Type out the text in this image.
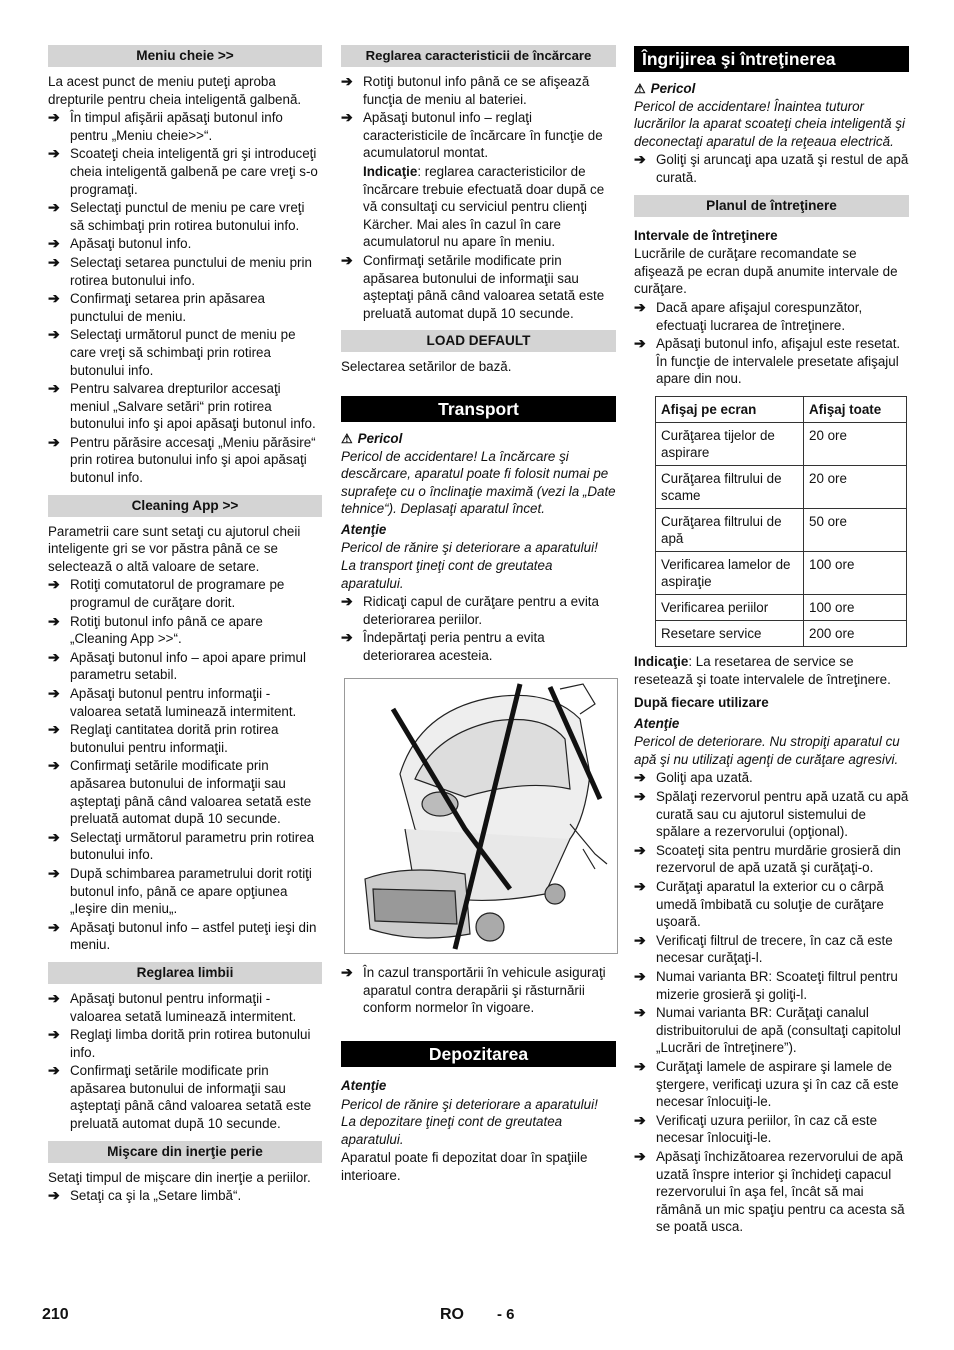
Meniu cheie >>

La acest punct de meniu puteţi aproba drepturile pentru cheia inteligentă galbenă.

➔ În timpul afişării apăsaţi butonul info pentru „Meniu cheie>>“.
➔ Scoateţi cheia inteligentă gri şi introduceţi cheia inteligentă galbenă pe care vreţi s-o programaţi.
➔ Selectaţi punctul de meniu pe care vreţi să schimbaţi prin rotirea butonului info.
➔ Apăsaţi butonul info.
➔ Selectaţi setarea punctului de meniu prin rotirea butonului info.
➔ Confirmaţi setarea prin apăsarea punctului de meniu.
➔ Selectaţi următorul punct de meniu pe care vreţi să schimbaţi prin rotirea butonului info.
➔ Pentru salvarea drepturilor accesaţi meniul „Salvare setări“ prin rotirea butonului info şi apoi apăsaţi butonul info.
➔ Pentru părăsire accesaţi „Meniu părăsire“ prin rotirea butonului info şi apoi apăsaţi butonul info.
Cleaning App >>

Parametrii care sunt setaţi cu ajutorul cheii inteligente gri se vor păstra până ce se selectează o altă valoare de setare.

➔ Rotiţi comutatorul de programare pe programul de curăţare dorit.
➔ Rotiţi butonul info până ce apare „Cleaning App >>“.
➔ Apăsaţi butonul info – apoi apare primul parametru setabil.
➔ Apăsaţi butonul pentru informaţii - valoarea setată luminează intermitent.
➔ Reglaţi cantitatea dorită prin rotirea butonului pentru informaţii.
➔ Confirmaţi setările modificate prin apăsarea butonului de informaţii sau aşteptaţi până când valoarea setată este preluată automat după 10 secunde.
➔ Selectaţi următorul parametru prin rotirea butonului info.
➔ După schimbarea parametrului dorit rotiţi butonul info, până ce apare opţiunea „Ieşire din meniu„.
➔ Apăsaţi butonul info – astfel puteţi ieşi din meniu.
Reglarea limbii
➔ Apăsaţi butonul pentru informaţii - valoarea setată luminează intermitent.
➔ Reglaţi limba dorită prin rotirea butonului info.
➔ Confirmaţi setările modificate prin apăsarea butonului de informaţii sau aşteptaţi până când valoarea setată este preluată automat după 10 secunde.
Mişcare din inerţie perie

Setaţi timpul de mişcare din inerţie a periilor.

➔ Setaţi ca şi la „Setare limbă“.
Reglarea caracteristicii de încărcare
➔ Rotiţi butonul info până ce se afişează funcţia de meniu al bateriei.
➔ Apăsaţi butonul info – reglaţi caracteristicile de încărcare în funcţie de acumulatorul montat.

Indicaţie: reglarea caracteristicilor de încărcare trebuie efectuată doar după ce vă consultaţi cu serviciul pentru clienţi Kärcher. Mai ales în cazul în care acumulatorul nu apare în meniu.

➔ Confirmaţi setările modificate prin apăsarea butonului de informaţii sau aşteptaţi până când valoarea setată este preluată automat după 10 secunde.
LOAD DEFAULT

Selectarea setărilor de bază.

Transport
⚠ Pericol

Pericol de accidentare! La încărcare şi descărcare, aparatul poate fi folosit numai pe suprafeţe cu o înclinaţie maximă (vezi la „Date tehnice“). Deplasaţi aparatul încet.

Atenţie

Pericol de rănire şi deteriorare a aparatului! La transport ţineţi cont de greutatea aparatului.

➔ Ridicaţi capul de curăţare pentru a evita deteriorarea periilor.
➔ Îndepărtaţi peria pentru a evita deteriorarea acesteia.
➔ În cazul transportării în vehicule asiguraţi aparatul contra derapării şi răsturnării conform normelor în vigoare.
Depozitarea

Atenţie

Pericol de rănire şi deteriorare a aparatului! La depozitare ţineţi cont de greutatea aparatului.

Aparatul poate fi depozitat doar în spaţiile interioare.

Îngrijirea şi întreţinerea
⚠ Pericol

Pericol de accidentare! Înaintea tuturor lucrărilor la aparat scoateţi cheia inteligentă şi deconectaţi aparatul de la reţeaua electrică.

➔ Goliţi şi aruncaţi apa uzată şi restul de apă curată.
Planul de întreţinere

Intervale de întreţinere

Lucrările de curăţare recomandate se afişează pe ecran după anumite intervale de curăţare.

➔ Dacă apare afişajul corespunzător, efectuaţi lucrarea de întreţinere.
➔ Apăsaţi butonul info, afişajul este resetat. În funcţie de intervalele presetate afişajul apare din nou.
Afişaj pe ecran	Afişaj toate
Curăţarea tijelor de aspirare	20 ore
Curăţarea filtrului de scame	20 ore
Curăţarea filtrului de apă	50 ore
Verificarea lamelor de aspiraţie	100 ore
Verificarea periilor	100 ore
Resetare service	200 ore

Indicaţie: La resetarea de service se resetează şi toate intervalele de întreţinere.

După fiecare utilizare

Atenţie

Pericol de deteriorare. Nu stropiţi aparatul cu apă şi nu utilizaţi agenţi de curăţare agresivi.

➔ Goliţi apa uzată.
➔ Spălaţi rezervorul pentru apă uzată cu apă curată sau cu ajutorul sistemului de spălare a rezervorului (opţional).
➔ Scoateţi sita pentru murdărie grosieră din rezervorul de apă uzată şi curăţaţi-o.
➔ Curăţaţi aparatul la exterior cu o cârpă umedă îmbibată cu soluţie de curăţare uşoară.
➔ Verificaţi filtrul de trecere, în caz că este necesar curăţaţi-l.
➔ Numai varianta BR: Scoateţi filtrul pentru mizerie grosieră şi goliţi-l.
➔ Numai varianta BR: Curăţaţi canalul distribuitorului de apă (consultaţi capitolul „Lucrări de întreţinere”).
➔ Curăţaţi lamele de aspirare şi lamele de ştergere, verificaţi uzura şi în caz că este necesar înlocuiţi-le.
➔ Verificaţi uzura periilor, în caz că este necesar înlocuiţi-le.
➔ Apăsaţi închizătoarea rezervorului de apă uzată înspre interior şi închideţi capacul rezervorului în aşa fel, încât să mai rămână un mic spaţiu pentru ca acesta să se poată usca.
210	RO - 6
